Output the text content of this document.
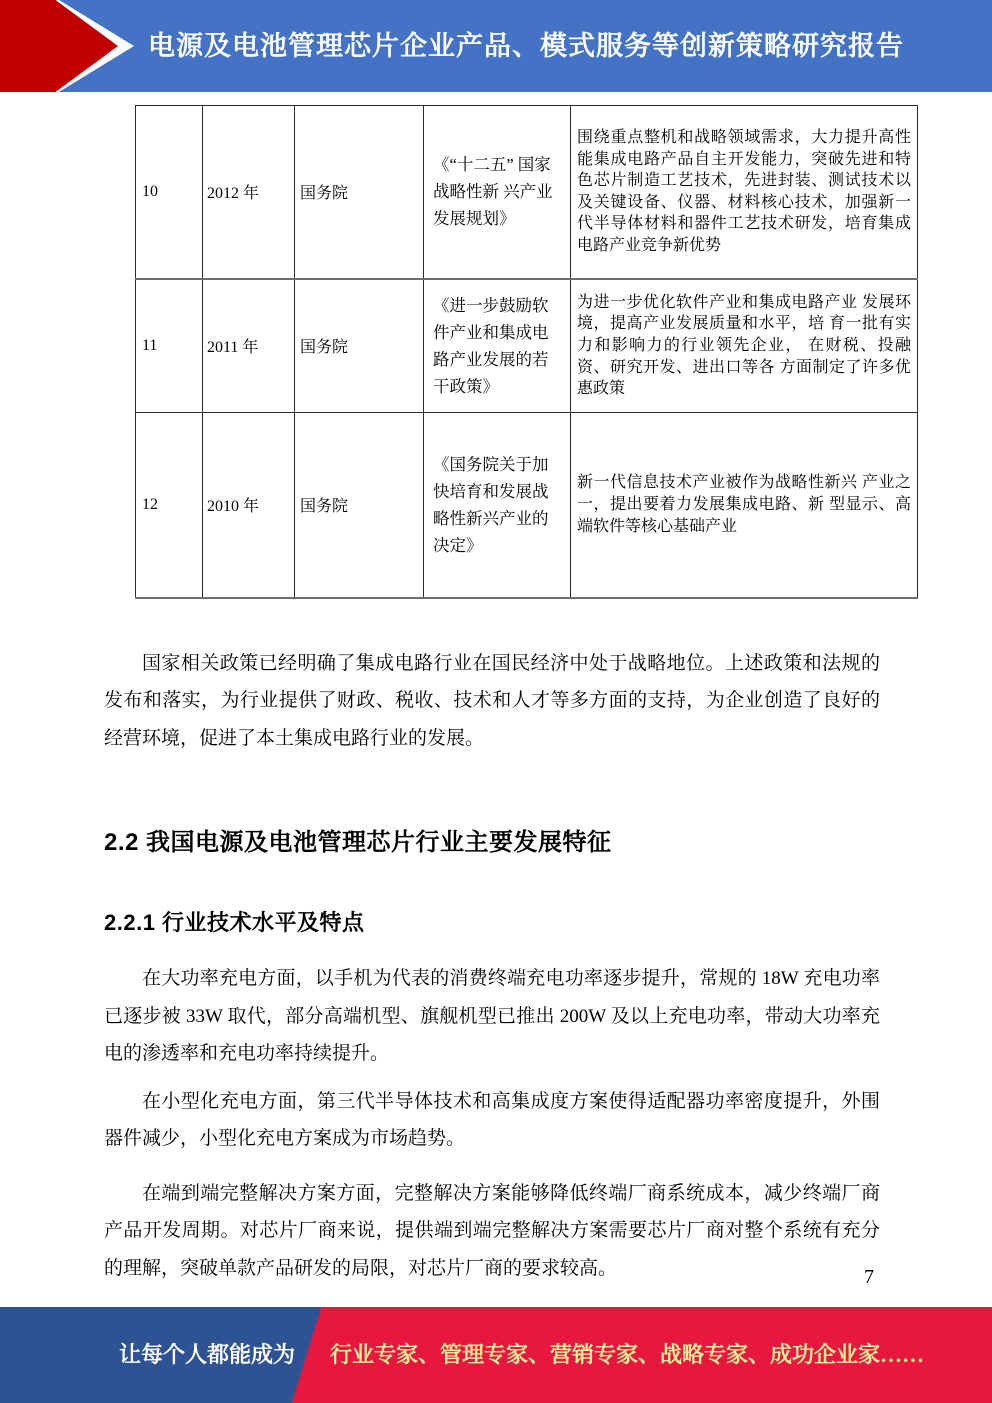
电源及电池管理芯片企业产品、模式服务等创新策略研究报告
10	2012 年	国务院	《“十二五” 国家战略性新 兴产业发展规划》	围绕重点整机和战略领域需求，大力提升高性能集成电路产品自主开发能力，突破先进和特色芯片制造工艺技术，先进封装、测试技术以及关键设备、仪器、材料核心技术，加强新一代半导体材料和器件工艺技术研发，培育集成电路产业竞争新优势
11	2011 年	国务院	《进一步鼓励软件产业和集成电路产业发展的若干政策》	为进一步优化软件产业和集成电路产业 发展环境，提高产业发展质量和水平，培 育一批有实力和影响力的行业领先企业， 在财税、投融资、研究开发、进出口等各 方面制定了许多优惠政策
12	2010 年	国务院	《国务院关于加快培育和发展战略性新兴产业的决定》	新一代信息技术产业被作为战略性新兴 产业之一，提出要着力发展集成电路、新 型显示、高端软件等核心基础产业

国家相关政策已经明确了集成电路行业在国民经济中处于战略地位。上述政策和法规的发布和落实，为行业提供了财政、税收、技术和人才等多方面的支持，为企业创造了良好的经营环境，促进了本土集成电路行业的发展。

2.2 我国电源及电池管理芯片行业主要发展特征
2.2.1 行业技术水平及特点

在大功率充电方面，以手机为代表的消费终端充电功率逐步提升，常规的 18W 充电功率已逐步被 33W 取代，部分高端机型、旗舰机型已推出 200W 及以上充电功率，带动大功率充电的渗透率和充电功率持续提升。

在小型化充电方面，第三代半导体技术和高集成度方案使得适配器功率密度提升，外围器件减少，小型化充电方案成为市场趋势。

在端到端完整解决方案方面，完整解决方案能够降低终端厂商系统成本，减少终端厂商产品开发周期。对芯片厂商来说，提供端到端完整解决方案需要芯片厂商对整个系统有充分的理解，突破单款产品研发的局限，对芯片厂商的要求较高。	7
让每个人都能成为 行业专家、管理专家、营销专家、战略专家、成功企业家……
